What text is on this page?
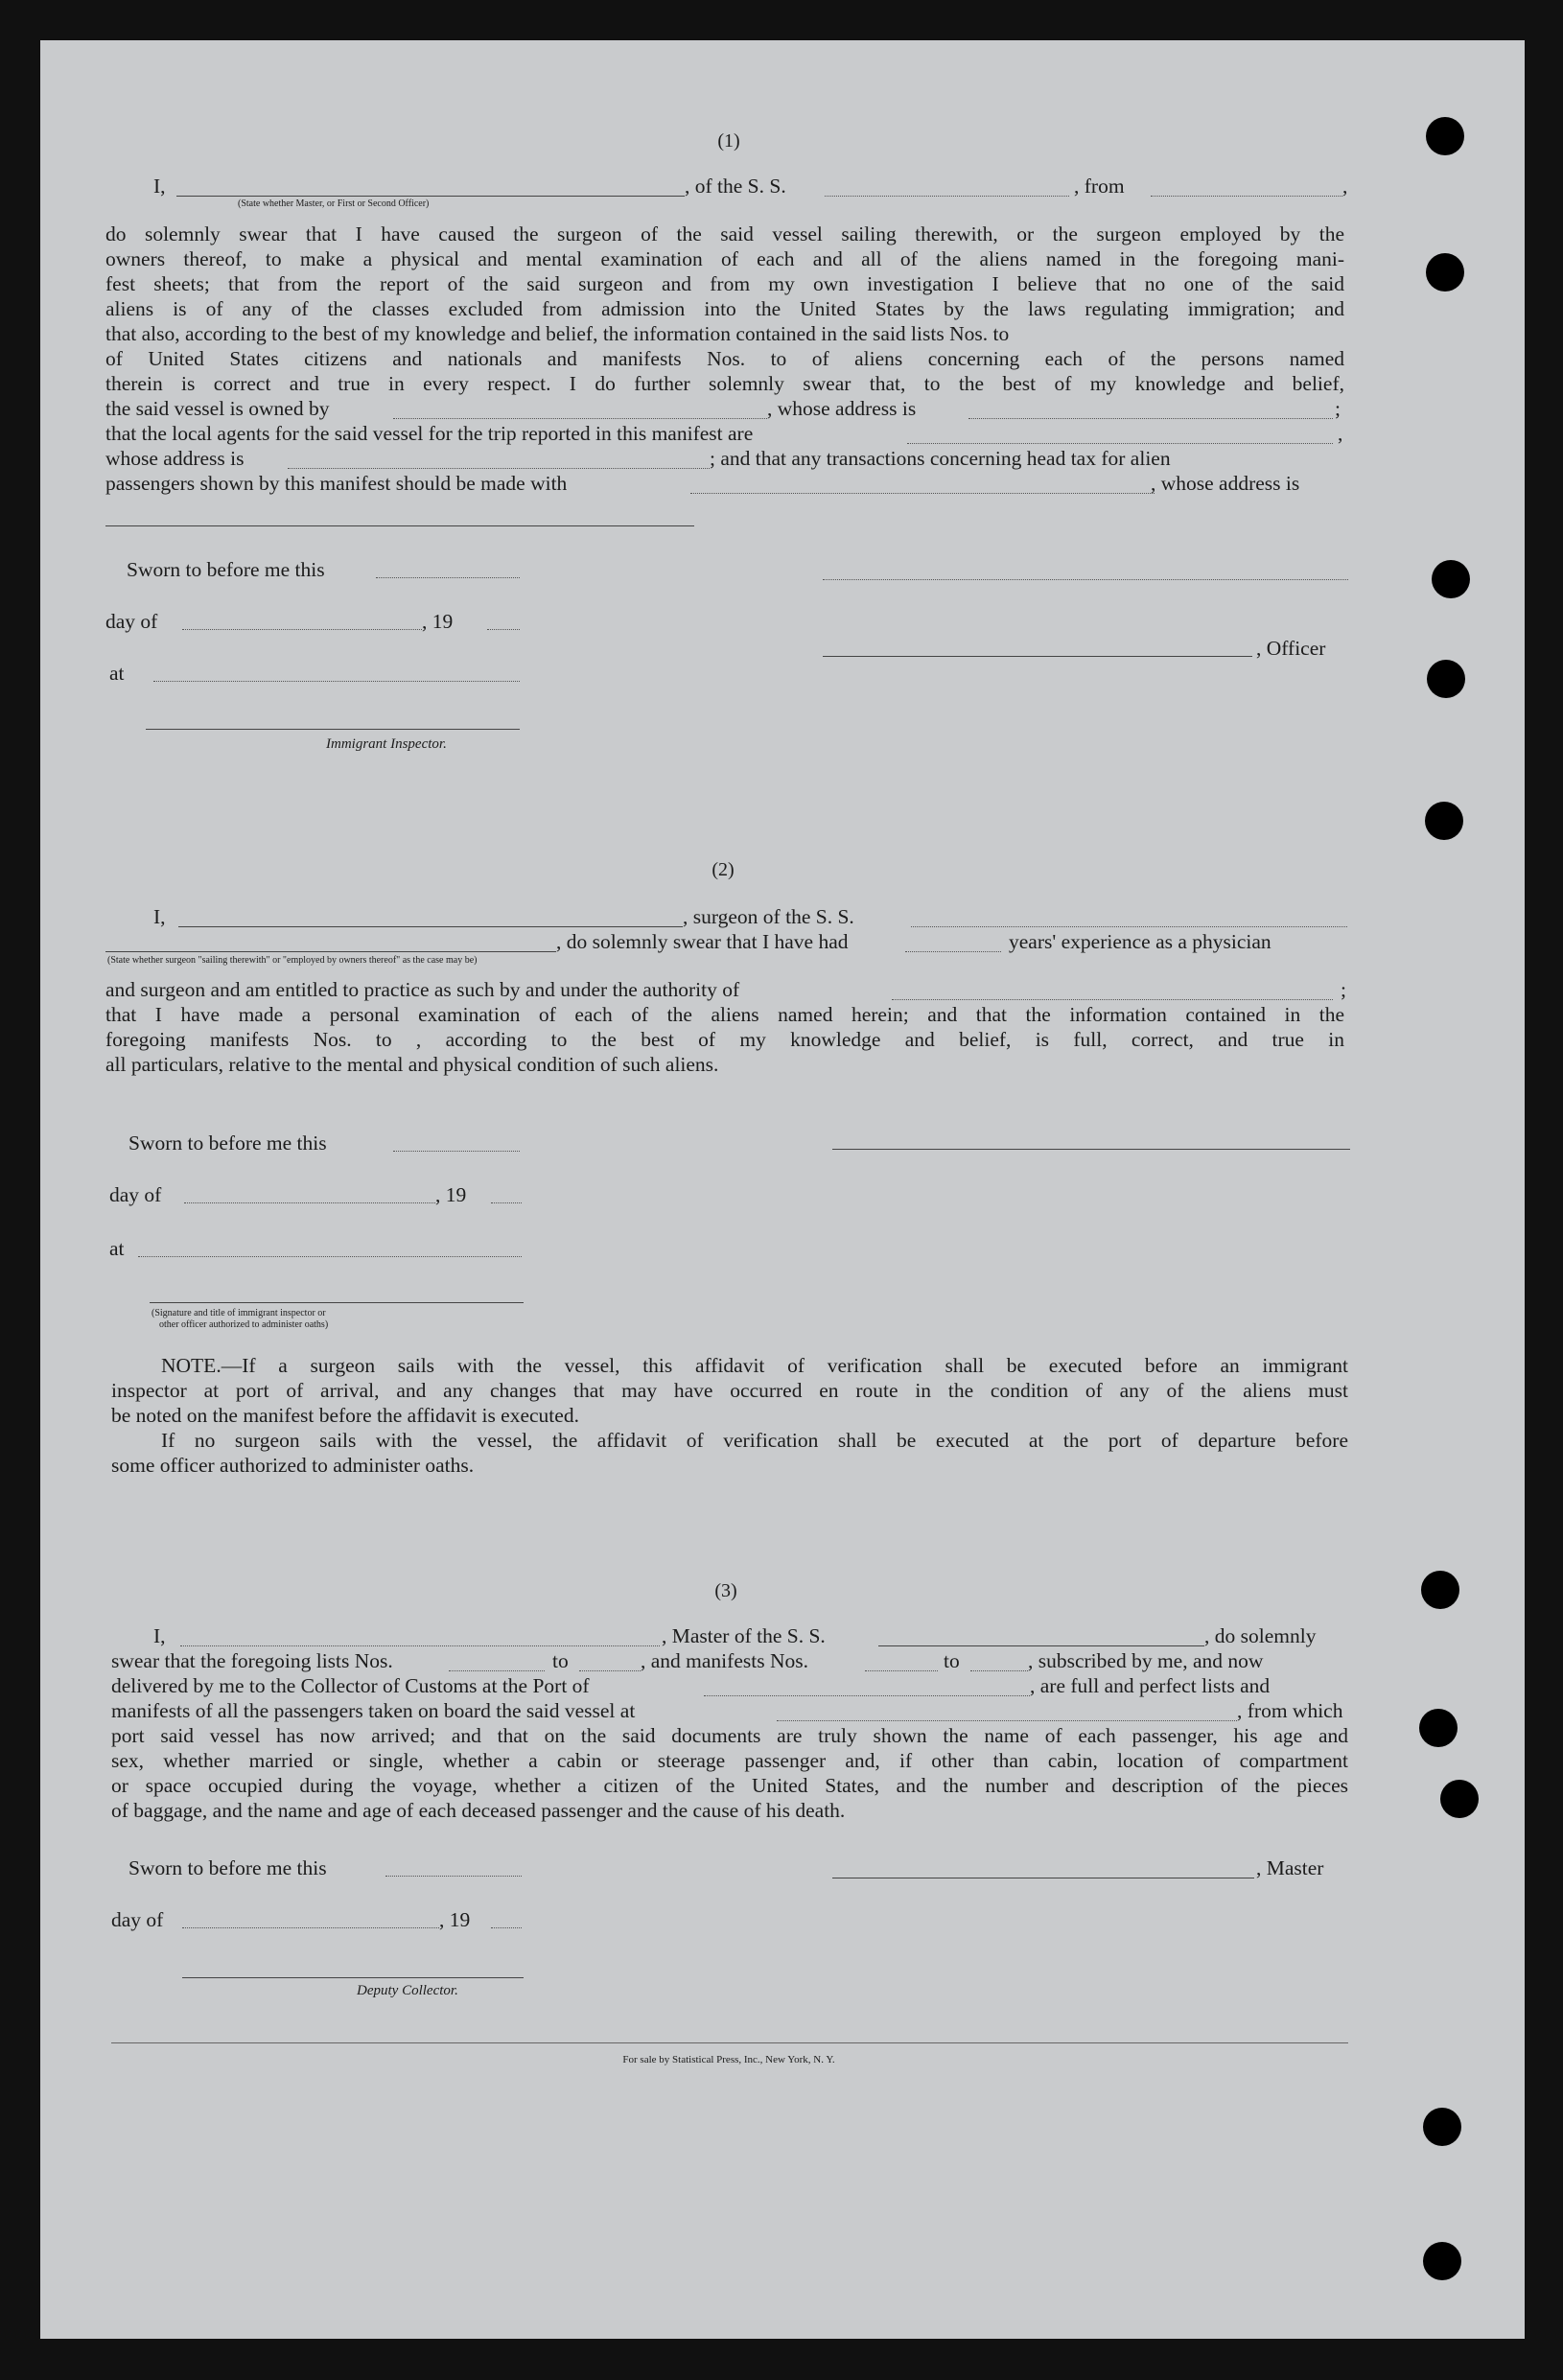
(1)
I,	, of the S. S.	, from	,
(State whether Master, or First or Second Officer)
do solemnly swear that I have caused the surgeon of the said vessel sailing therewith, or the surgeon employed by the
owners thereof, to make a physical and mental examination of each and all of the aliens named in the foregoing mani-
fest sheets; that from the report of the said surgeon and from my own investigation I believe that no one of the said
aliens is of any of the classes excluded from admission into the United States by the laws regulating immigration; and
that also, according to the best of my knowledge and belief, the information contained in the said lists Nos. to
of United States citizens and nationals and manifests Nos. to of aliens concerning each of the persons named
therein is correct and true in every respect. I do further solemnly swear that, to the best of my knowledge and belief,
the said vessel is owned by	, whose address is	;
that the local agents for the said vessel for the trip reported in this manifest are	,
whose address is	; and that any transactions concerning head tax for alien
passengers shown by this manifest should be made with	, whose address is
Sworn to before me this
day of	, 19
, Officer
at
Immigrant Inspector.
(2)
I,	, surgeon of the S. S.
, do solemnly swear that I have had	years' experience as a physician
(State whether surgeon "sailing therewith" or "employed by owners thereof" as the case may be)
and surgeon and am entitled to practice as such by and under the authority of	;
that I have made a personal examination of each of the aliens named herein; and that the information contained in the
foregoing manifests Nos. to , according to the best of my knowledge and belief, is full, correct, and true in
all particulars, relative to the mental and physical condition of such aliens.
Sworn to before me this
day of	, 19
at
(Signature and title of immigrant inspector or
other officer authorized to administer oaths)
NOTE.—If a surgeon sails with the vessel, this affidavit of verification shall be executed before an immigrant
inspector at port of arrival, and any changes that may have occurred en route in the condition of any of the aliens must
be noted on the manifest before the affidavit is executed.
If no surgeon sails with the vessel, the affidavit of verification shall be executed at the port of departure before
some officer authorized to administer oaths.
(3)
I,	, Master of the S. S.	, do solemnly
swear that the foregoing lists Nos.	to	, and manifests Nos.	to	, subscribed by me, and now
delivered by me to the Collector of Customs at the Port of	, are full and perfect lists and
manifests of all the passengers taken on board the said vessel at	, from which
port said vessel has now arrived; and that on the said documents are truly shown the name of each passenger, his age and
sex, whether married or single, whether a cabin or steerage passenger and, if other than cabin, location of compartment
or space occupied during the voyage, whether a citizen of the United States, and the number and description of the pieces
of baggage, and the name and age of each deceased passenger and the cause of his death.
Sworn to before me this	, Master
day of	, 19
Deputy Collector.
For sale by Statistical Press, Inc., New York, N. Y.
